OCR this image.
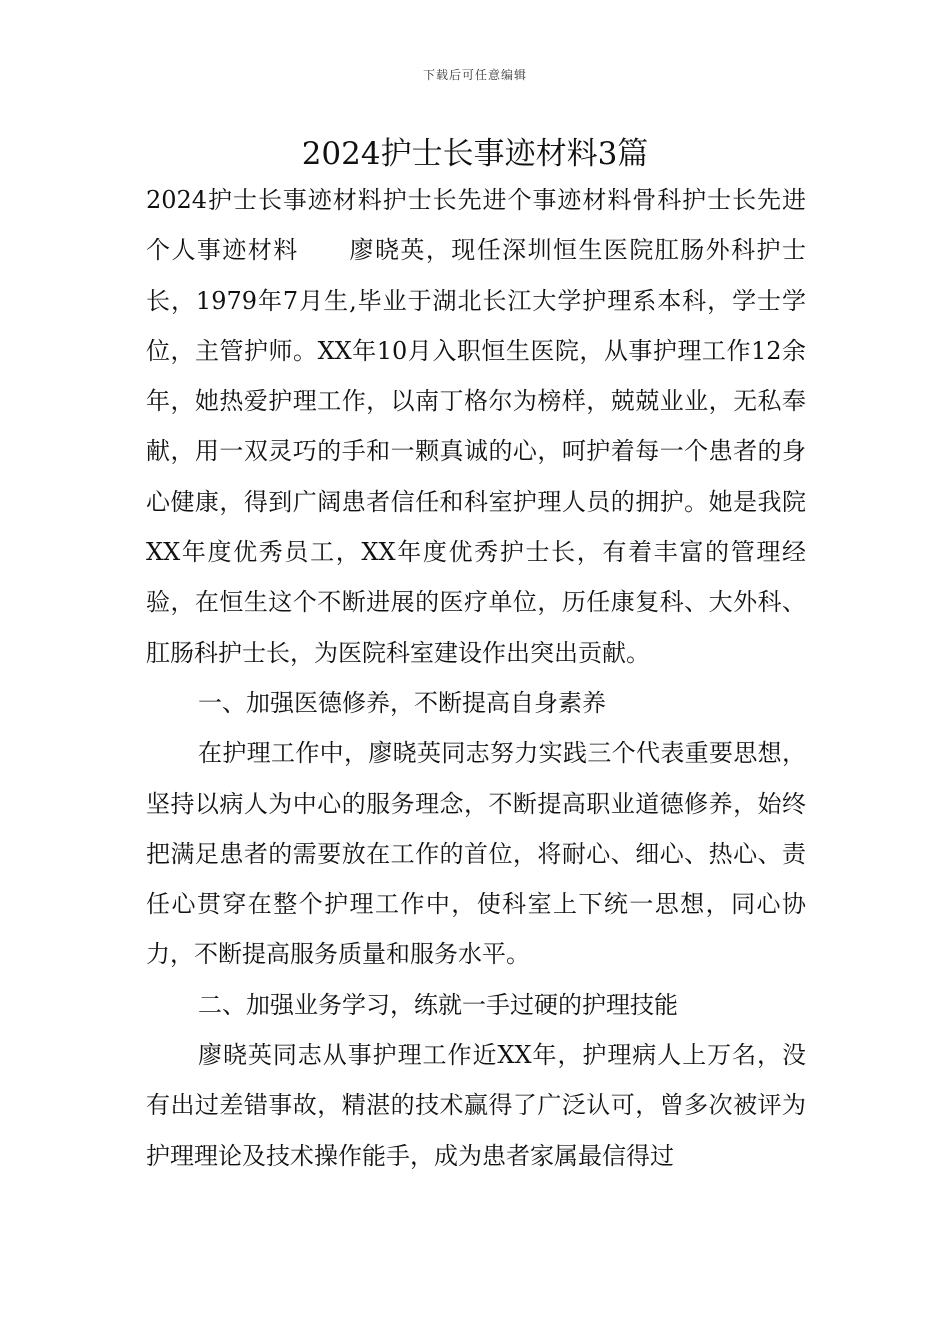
下载后可任意编辑
2024护士长事迹材料3篇

2024护士长事迹材料护士长先进个事迹材料骨科护士长先进个人事迹材料　　廖晓英，现任深圳恒生医院肛肠外科护士长，1979年7月生,毕业于湖北长江大学护理系本科，学士学位，主管护师。XX年10月入职恒生医院，从事护理工作12余年，她热爱护理工作，以南丁格尔为榜样，兢兢业业，无私奉献，用一双灵巧的手和一颗真诚的心，呵护着每一个患者的身心健康，得到广阔患者信任和科室护理人员的拥护。她是我院XX年度优秀员工，XX年度优秀护士长，有着丰富的管理经验，在恒生这个不断进展的医疗单位，历任康复科、大外科、肛肠科护士长，为医院科室建设作出突出贡献。

一、加强医德修养，不断提高自身素养

在护理工作中，廖晓英同志努力实践三个代表重要思想，坚持以病人为中心的服务理念，不断提高职业道德修养，始终把满足患者的需要放在工作的首位，将耐心、细心、热心、责任心贯穿在整个护理工作中，使科室上下统一思想，同心协力，不断提高服务质量和服务水平。

二、加强业务学习，练就一手过硬的护理技能

廖晓英同志从事护理工作近XX年，护理病人上万名，没有出过差错事故，精湛的技术赢得了广泛认可，曾多次被评为护理理论及技术操作能手，成为患者家属最信得过
